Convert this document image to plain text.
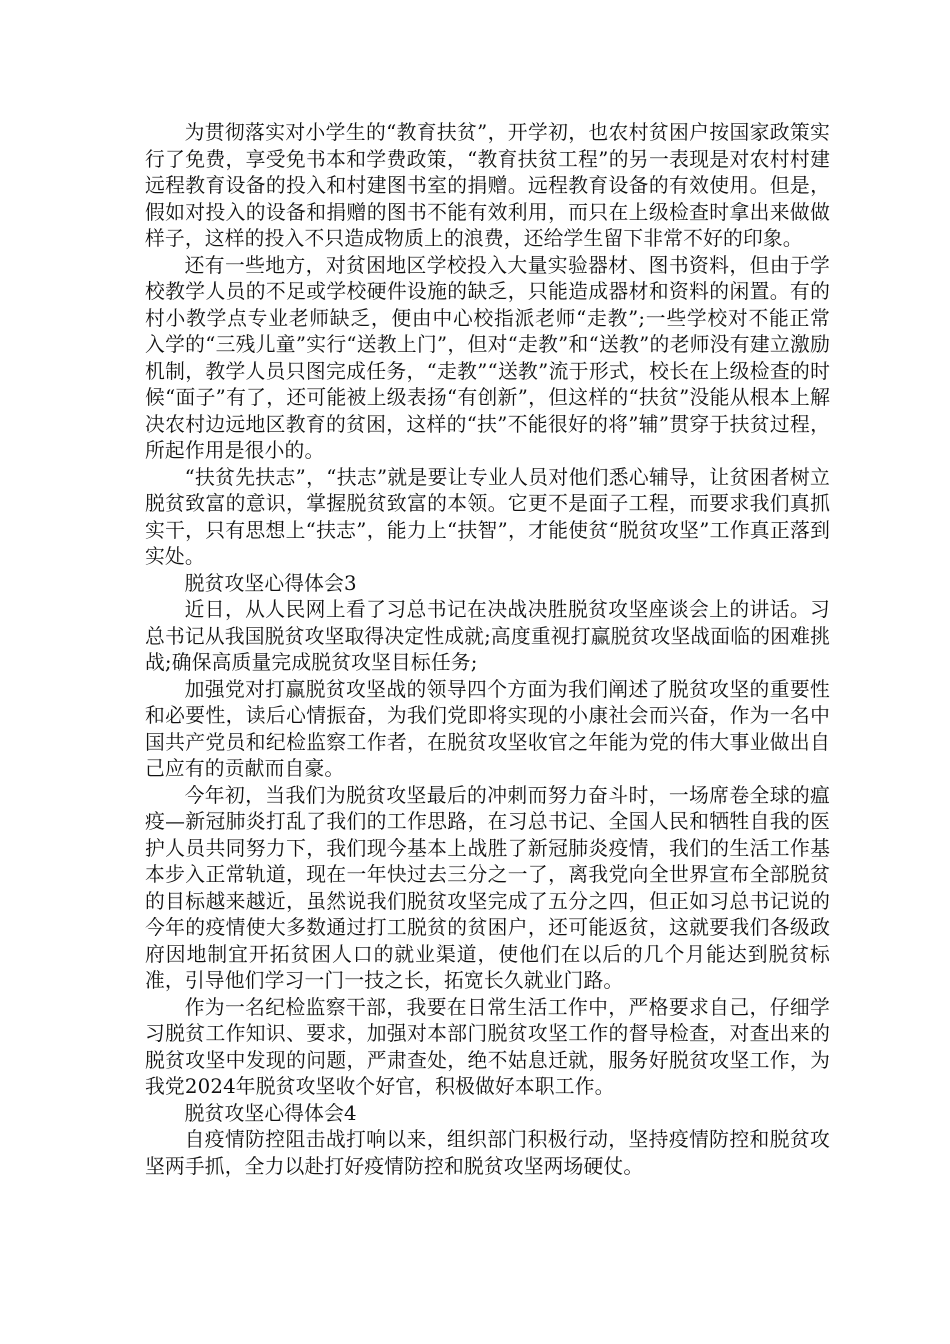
为贯彻落实对小学生的“教育扶贫”，开学初，也农村贫困户按国家政策实行了免费，享受免书本和学费政策，“教育扶贫工程”的另一表现是对农村村建远程教育设备的投入和村建图书室的捐赠。远程教育设备的有效使用。但是，假如对投入的设备和捐赠的图书不能有效利用，而只在上级检查时拿出来做做样子，这样的投入不只造成物质上的浪费，还给学生留下非常不好的印象。

还有一些地方，对贫困地区学校投入大量实验器材、图书资料，但由于学校教学人员的不足或学校硬件设施的缺乏，只能造成器材和资料的闲置。有的村小教学点专业老师缺乏，便由中心校指派老师“走教”;一些学校对不能正常入学的“三残儿童”实行“送教上门”，但对“走教”和“送教”的老师没有建立激励机制，教学人员只图完成任务，“走教”“送教”流于形式，校长在上级检查的时候“面子”有了，还可能被上级表扬“有创新”，但这样的“扶贫”没能从根本上解决农村边远地区教育的贫困，这样的“扶”不能很好的将”辅”贯穿于扶贫过程，所起作用是很小的。

“扶贫先扶志”，“扶志”就是要让专业人员对他们悉心辅导，让贫困者树立脱贫致富的意识，掌握脱贫致富的本领。它更不是面子工程，而要求我们真抓实干，只有思想上“扶志”，能力上“扶智”，才能使贫“脱贫攻坚”工作真正落到实处。

脱贫攻坚心得体会3

近日，从人民网上看了习总书记在决战决胜脱贫攻坚座谈会上的讲话。习总书记从我国脱贫攻坚取得决定性成就;高度重视打赢脱贫攻坚战面临的困难挑战;确保高质量完成脱贫攻坚目标任务;

加强党对打赢脱贫攻坚战的领导四个方面为我们阐述了脱贫攻坚的重要性和必要性，读后心情振奋，为我们党即将实现的小康社会而兴奋，作为一名中国共产党员和纪检监察工作者，在脱贫攻坚收官之年能为党的伟大事业做出自己应有的贡献而自豪。

今年初，当我们为脱贫攻坚最后的冲刺而努力奋斗时，一场席卷全球的瘟疫—新冠肺炎打乱了我们的工作思路，在习总书记、全国人民和牺牲自我的医护人员共同努力下，我们现今基本上战胜了新冠肺炎疫情，我们的生活工作基本步入正常轨道，现在一年快过去三分之一了，离我党向全世界宣布全部脱贫的目标越来越近，虽然说我们脱贫攻坚完成了五分之四，但正如习总书记说的今年的疫情使大多数通过打工脱贫的贫困户，还可能返贫，这就要我们各级政府因地制宜开拓贫困人口的就业渠道，使他们在以后的几个月能达到脱贫标准，引导他们学习一门一技之长，拓宽长久就业门路。

作为一名纪检监察干部，我要在日常生活工作中，严格要求自己，仔细学习脱贫工作知识、要求，加强对本部门脱贫攻坚工作的督导检查，对查出来的脱贫攻坚中发现的问题，严肃查处，绝不姑息迁就，服务好脱贫攻坚工作，为我党2024年脱贫攻坚收个好官，积极做好本职工作。

脱贫攻坚心得体会4

自疫情防控阻击战打响以来，组织部门积极行动，坚持疫情防控和脱贫攻坚两手抓，全力以赴打好疫情防控和脱贫攻坚两场硬仗。
